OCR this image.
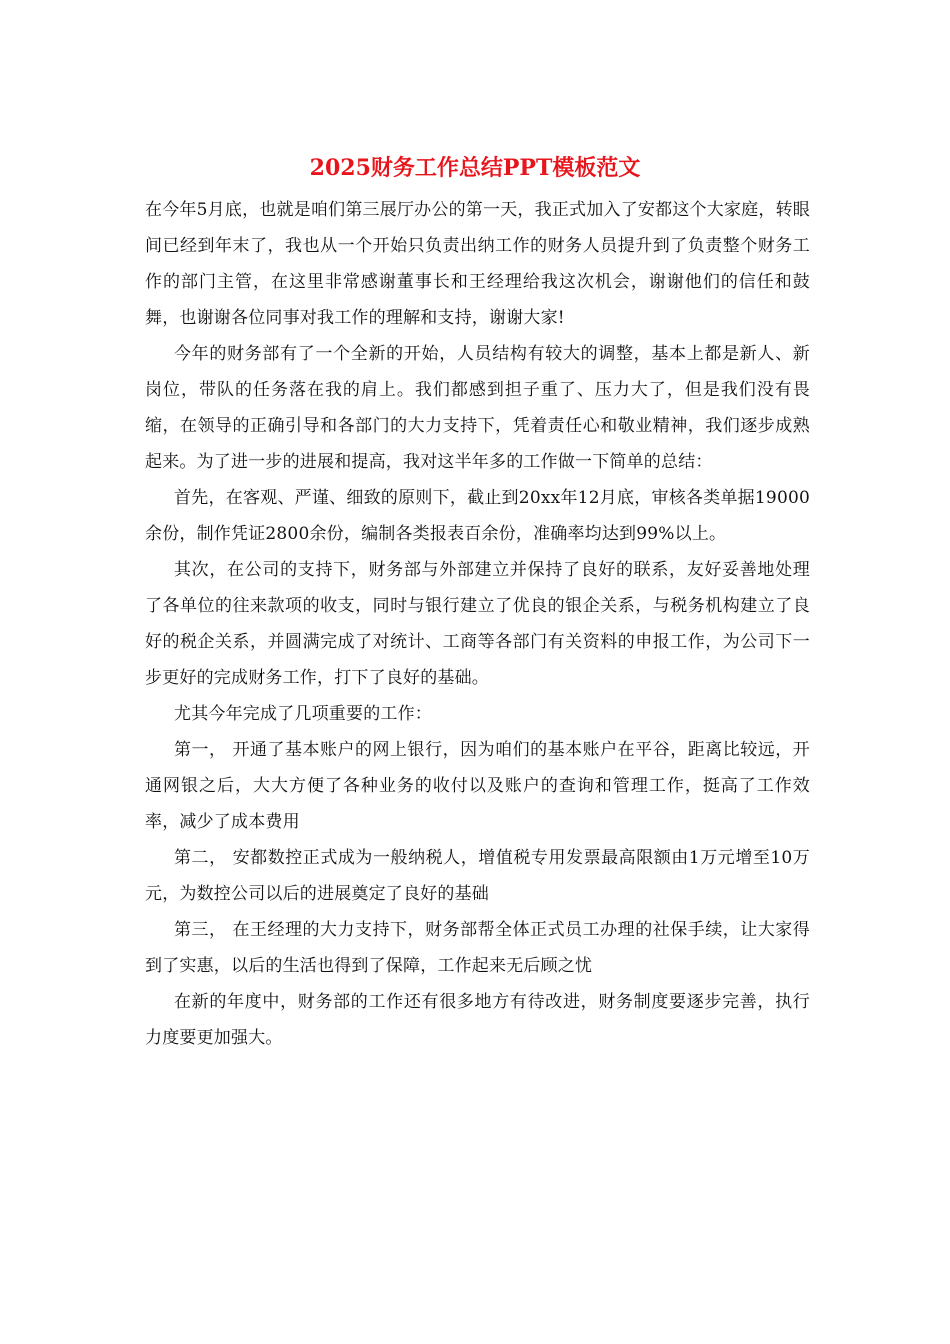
2025财务工作总结PPT模板范文

在今年5月底，也就是咱们第三展厅办公的第一天，我正式加入了安都这个大家庭，转眼间已经到年末了，我也从一个开始只负责出纳工作的财务人员提升到了负责整个财务工作的部门主管，在这里非常感谢董事长和王经理给我这次机会，谢谢他们的信任和鼓舞，也谢谢各位同事对我工作的理解和支持，谢谢大家!

今年的财务部有了一个全新的开始，人员结构有较大的调整，基本上都是新人、新岗位，带队的任务落在我的肩上。我们都感到担子重了、压力大了，但是我们没有畏缩，在领导的正确引导和各部门的大力支持下，凭着责任心和敬业精神，我们逐步成熟起来。为了进一步的进展和提高，我对这半年多的工作做一下简单的总结：

首先，在客观、严谨、细致的原则下，截止到20xx年12月底，审核各类单据19000余份，制作凭证2800余份，编制各类报表百余份，准确率均达到99%以上。

其次，在公司的支持下，财务部与外部建立并保持了良好的联系，友好妥善地处理了各单位的往来款项的收支，同时与银行建立了优良的银企关系，与税务机构建立了良好的税企关系，并圆满完成了对统计、工商等各部门有关资料的申报工作，为公司下一步更好的完成财务工作，打下了良好的基础。

尤其今年完成了几项重要的工作：

第一， 开通了基本账户的网上银行，因为咱们的基本账户在平谷，距离比较远，开通网银之后，大大方便了各种业务的收付以及账户的查询和管理工作，挺高了工作效率，减少了成本费用

第二， 安都数控正式成为一般纳税人，增值税专用发票最高限额由1万元增至10万元，为数控公司以后的进展奠定了良好的基础

第三， 在王经理的大力支持下，财务部帮全体正式员工办理的社保手续，让大家得到了实惠，以后的生活也得到了保障，工作起来无后顾之忧

在新的年度中，财务部的工作还有很多地方有待改进，财务制度要逐步完善，执行力度要更加强大。
